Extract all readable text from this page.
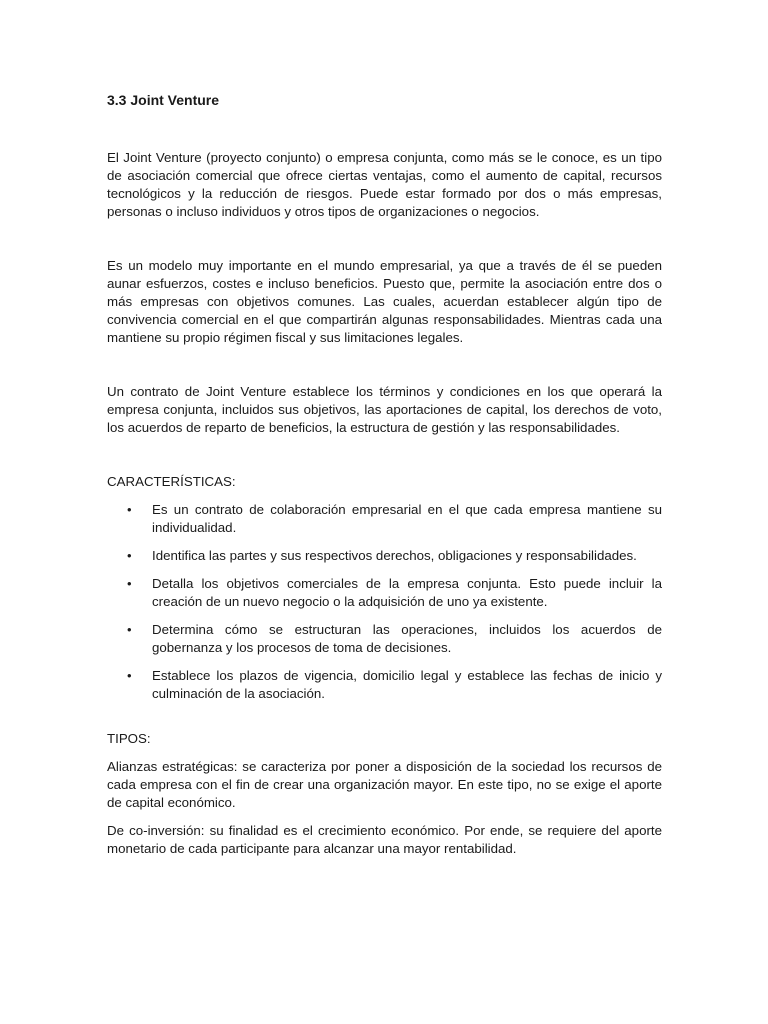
3.3 Joint Venture

El Joint Venture (proyecto conjunto) o empresa conjunta, como más se le conoce, es un tipo de asociación comercial que ofrece ciertas ventajas, como el aumento de capital, recursos tecnológicos y la reducción de riesgos. Puede estar formado por dos o más empresas, personas o incluso individuos y otros tipos de organizaciones o negocios.

Es un modelo muy importante en el mundo empresarial, ya que a través de él se pueden aunar esfuerzos, costes e incluso beneficios. Puesto que, permite la asociación entre dos o más empresas con objetivos comunes. Las cuales, acuerdan establecer algún tipo de convivencia comercial en el que compartirán algunas responsabilidades. Mientras cada una mantiene su propio régimen fiscal y sus limitaciones legales.

Un contrato de Joint Venture establece los términos y condiciones en los que operará la empresa conjunta, incluidos sus objetivos, las aportaciones de capital, los derechos de voto, los acuerdos de reparto de beneficios, la estructura de gestión y las responsabilidades.

CARACTERÍSTICAS:

• Es un contrato de colaboración empresarial en el que cada empresa mantiene su individualidad.
• Identifica las partes y sus respectivos derechos, obligaciones y responsabilidades.
• Detalla los objetivos comerciales de la empresa conjunta. Esto puede incluir la creación de un nuevo negocio o la adquisición de uno ya existente.
• Determina cómo se estructuran las operaciones, incluidos los acuerdos de gobernanza y los procesos de toma de decisiones.
• Establece los plazos de vigencia, domicilio legal y establece las fechas de inicio y culminación de la asociación.

TIPOS:

Alianzas estratégicas: se caracteriza por poner a disposición de la sociedad los recursos de cada empresa con el fin de crear una organización mayor. En este tipo, no se exige el aporte de capital económico.

De co-inversión: su finalidad es el crecimiento económico. Por ende, se requiere del aporte monetario de cada participante para alcanzar una mayor rentabilidad.
